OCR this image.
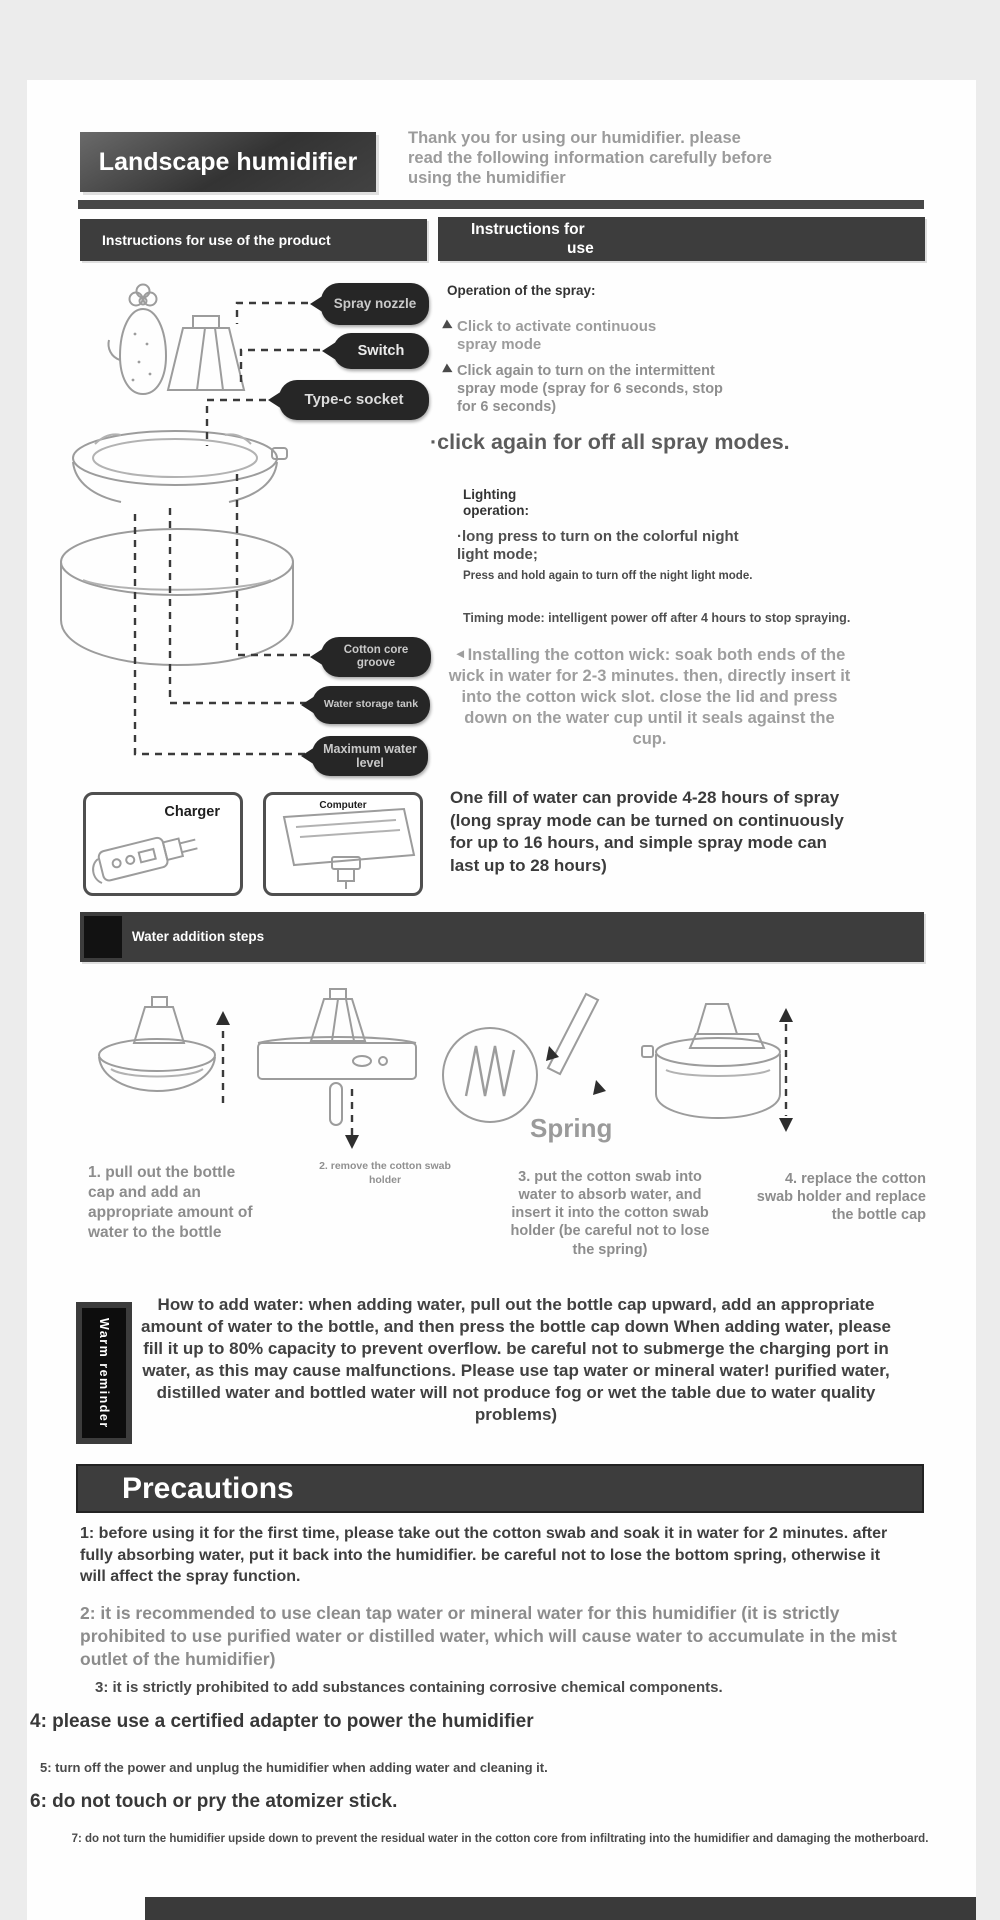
Landscape humidifier
Thank you for using our humidifier. please read the following information carefully before using the humidifier
Instructions for use of the product
Instructions for
use
Spray nozzle
Switch
Type-c socket
Cotton core groove
Water storage tank
Maximum water level
Charger	Computer
Operation of the spray:
Click to activate continuous spray mode
Click again to turn on the intermittent spray mode (spray for 6 seconds, stop for 6 seconds)
·click again for off all spray modes.
Lighting operation:
·long press to turn on the colorful night light mode;
Press and hold again to turn off the night light mode.
Timing mode: intelligent power off after 4 hours to stop spraying.
◄Installing the cotton wick: soak both ends of the wick in water for 2-3 minutes. then, directly insert it into the cotton wick slot. close the lid and press down on the water cup until it seals against the cup.
One fill of water can provide 4-28 hours of spray (long spray mode can be turned on continuously for up to 16 hours, and simple spray mode can last up to 28 hours)
Water addition steps
Spring
1. pull out the bottle cap and add an appropriate amount of water to the bottle
2. remove the cotton swab holder	3. put the cotton swab into water to absorb water, and insert it into the cotton swab holder (be careful not to lose the spring)
4. replace the cotton swab holder and replace the bottle cap
Warm reminder
How to add water: when adding water, pull out the bottle cap upward, add an appropriate amount of water to the bottle, and then press the bottle cap down When adding water, please fill it up to 80% capacity to prevent overflow. be careful not to submerge the charging port in water, as this may cause malfunctions. Please use tap water or mineral water! purified water, distilled water and bottled water will not produce fog or wet the table due to water quality problems)
Precautions
1: before using it for the first time, please take out the cotton swab and soak it in water for 2 minutes. after fully absorbing water, put it back into the humidifier. be careful not to lose the bottom spring, otherwise it will affect the spray function.
2: it is recommended to use clean tap water or mineral water for this humidifier (it is strictly prohibited to use purified water or distilled water, which will cause water to accumulate in the mist outlet of the humidifier)
3: it is strictly prohibited to add substances containing corrosive chemical components.
4: please use a certified adapter to power the humidifier
5: turn off the power and unplug the humidifier when adding water and cleaning it.
6: do not touch or pry the atomizer stick.
7: do not turn the humidifier upside down to prevent the residual water in the cotton core from infiltrating into the humidifier and damaging the motherboard.
